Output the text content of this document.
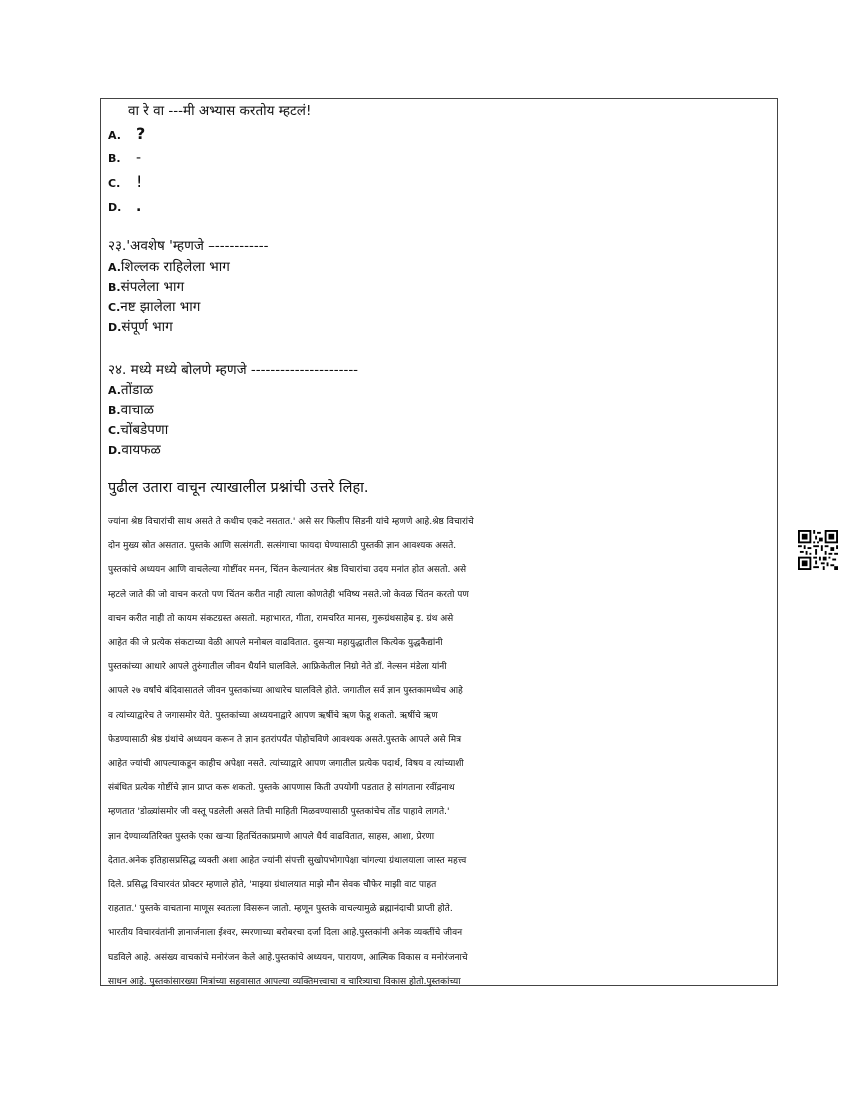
वा रे वा ---मी अभ्यास करतोय म्हटलं!
A. ?
B. -
C. !
D. .
२३.'अवशेष 'म्हणजे –-----------
A.शिल्लक राहिलेला भाग
B.संपलेला भाग
C.नष्ट झालेला भाग
D.संपूर्ण भाग
२४. मध्ये मध्ये बोलणे म्हणजे ----------------------
A.तोंडाळ
B.वाचाळ
C.चोंबडेपणा
D.वायफळ
पुढील उतारा वाचून त्याखालील प्रश्नांची उत्तरे लिहा.
ज्यांना श्रेष्ठ विचारांची साथ असते ते कधीच एकटे नसतात.' असे सर फिलीप सिडनी यांचे म्हणणे आहे.श्रेष्ठ विचारांचे
दोन मुख्य स्रोत असतात. पुस्तके आणि सत्संगती. सत्संगाचा फायदा घेण्यासाठी पुस्तकी ज्ञान आवश्यक असते.
पुस्तकांचे अध्ययन आणि वाचलेल्या गोष्टींवर मनन, चिंतन केल्यानंतर श्रेष्ठ विचारांचा उदय मनांत होत असतो. असे
म्हटले जाते की जो वाचन करतो पण चिंतन करीत नाही त्याला कोणतेही भविष्य नसते.जो केवळ चिंतन करतो पण
वाचन करीत नाही तो कायम संकटग्रस्त असतो. महाभारत, गीता, रामचरित मानस, गुरूग्रंथसाहेब इ. ग्रंथ असे
आहेत की जे प्रत्येक संकटाच्या वेळी आपले मनोबल वाढवितात. दुसऱ्या महायुद्धातील कित्येक युद्धकैद्यांनी
पुस्तकांच्या आधारे आपले तुरुंगातील जीवन धैर्याने घालविले. आफ्रिकेतील निग्रो नेते डॉ. नेल्सन मंडेला यांनी
आपले २७ वर्षांचे बंदिवासातले जीवन पुस्तकांच्या आधारेच घालविले होते. जगातील सर्व ज्ञान पुस्तकामध्येच आहे
व त्यांच्याद्वारेच ते जगासमोर येते. पुस्तकांच्या अध्ययनाद्वारे आपण ऋषींचे ऋण फेडू शकतो. ऋषींचे ऋण
फेडण्यासाठी श्रेष्ठ ग्रंथांचे अध्ययन करून ते ज्ञान इतरांपर्यंत पोहोचविणे आवश्यक असते.पुस्तके आपले असे मित्र
आहेत ज्यांची आपल्याकडून काहीच अपेक्षा नसते. त्यांच्याद्वारे आपण जगातील प्रत्येक पदार्थ, विषय व त्यांच्याशी
संबंधित प्रत्येक गोष्टींचे ज्ञान प्राप्त करू शकतो. पुस्तके आपणास किती उपयोगी पडतात हे सांगताना रवींद्रनाथ
म्हणतात 'डोळ्यांसमोर जी वस्तू पडलेली असते तिची माहिती मिळवण्यासाठी पुस्तकांचेच तोंड पाहावे लागते.'
ज्ञान देण्याव्यतिरिक्त पुस्तके एका खऱ्या हितचिंतकाप्रमाणे आपले धैर्य वाढवितात, साहस, आशा, प्रेरणा
देतात.अनेक इतिहासप्रसिद्ध व्यक्ती अशा आहेत ज्यांनी संपत्ती सुखोपभोगापेक्षा चांगल्या ग्रंथालयाला जास्त महत्त्व
दिले. प्रसिद्ध विचारवंत प्रोक्टर म्हणाले होते, 'माझ्या ग्रंथालयात माझे मौन सेवक चौफेर माझी वाट पाहत
राहतात.' पुस्तके वाचताना माणूस स्वतःला विसरून जातो. म्हणून पुस्तके वाचल्यामुळे ब्रह्मानंदाची प्राप्ती होते.
भारतीय विचारवंतांनी ज्ञानार्जनाला ईश्वर, स्मरणाच्या बरोबरचा दर्जा दिला आहे.पुस्तकांनी अनेक व्यक्तींचे जीवन
घडविले आहे. असंख्य वाचकांचे मनोरंजन केले आहे.पुस्तकांचे अध्ययन, पारायण, आत्मिक विकास व मनोरंजनाचे
साधन आहे. पुस्तकांसारख्या मित्रांच्या सहवासात आपल्या व्यक्तिमत्त्वाचा व चारित्र्याचा विकास होतो.पुस्तकांच्या
